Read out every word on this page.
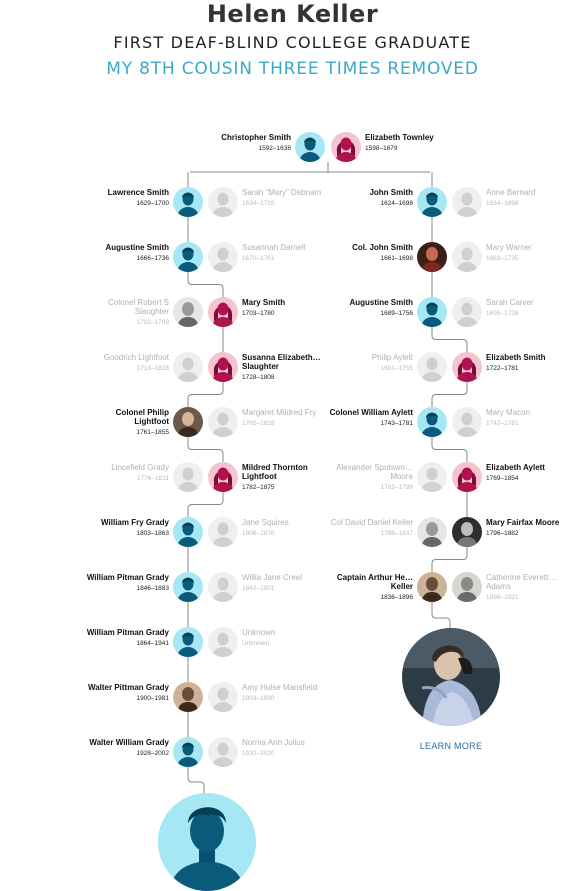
Helen Keller
FIRST DEAF-BLIND COLLEGE GRADUATE
MY 8TH COUSIN THREE TIMES REMOVED
Christopher Smith
1592–1638
Elizabeth Townley
1598–1679
Lawrence Smith
1629–1700
Sarah “Mary” Debnam
1634–1728
Augustine Smith
1666–1736
Susannah Darnell
1670–1761
Colonel Robert S Slaughter
1702–1769
Mary Smith
1703–1780
Goodrich Lightfoot
1713–1828
Susanna Elizabeth… Slaughter
1728–1808
Colonel Philip Lightfoot
1761–1855
Margaret Mildred Fry
1765–1828
Lincefield Grady
1776–1811
Mildred Thornton Lightfoot
1782–1875
William Fry Grady
1803–1863
Jane Squires
1806–1876
William Pitman Grady
1846–1883
Willia Jane Creel
1842–1901
William Pitman Grady
1864–1941
Unknown
Unknown
Walter Pittman Grady
1900–1981
Amy Hulse Mansfield
1903–1990
Walter William Grady
1928–2002
Norma Ann Julius
1932–2020
John Smith
1624–1698
Anne Bernard
1634–1698
Col. John Smith
1661–1698
Mary Warner
1663–1735
Augustine Smith
1689–1756
Sarah Carver
1695–1726
Philip Aylett
1691–1755
Elizabeth Smith
1722–1781
Colonel William Aylett
1743–1781
Mary Macon
1742–1781
Alexander Spotswo… Moore
1763–1799
Elizabeth Aylett
1769–1854
Col David Daniel Keller
1788–1837
Mary Fairfax Moore
1796–1882
Captain Arthur He… Keller
1836–1896
Catherine Everett… Adams
1856–1921
LEARN MORE
